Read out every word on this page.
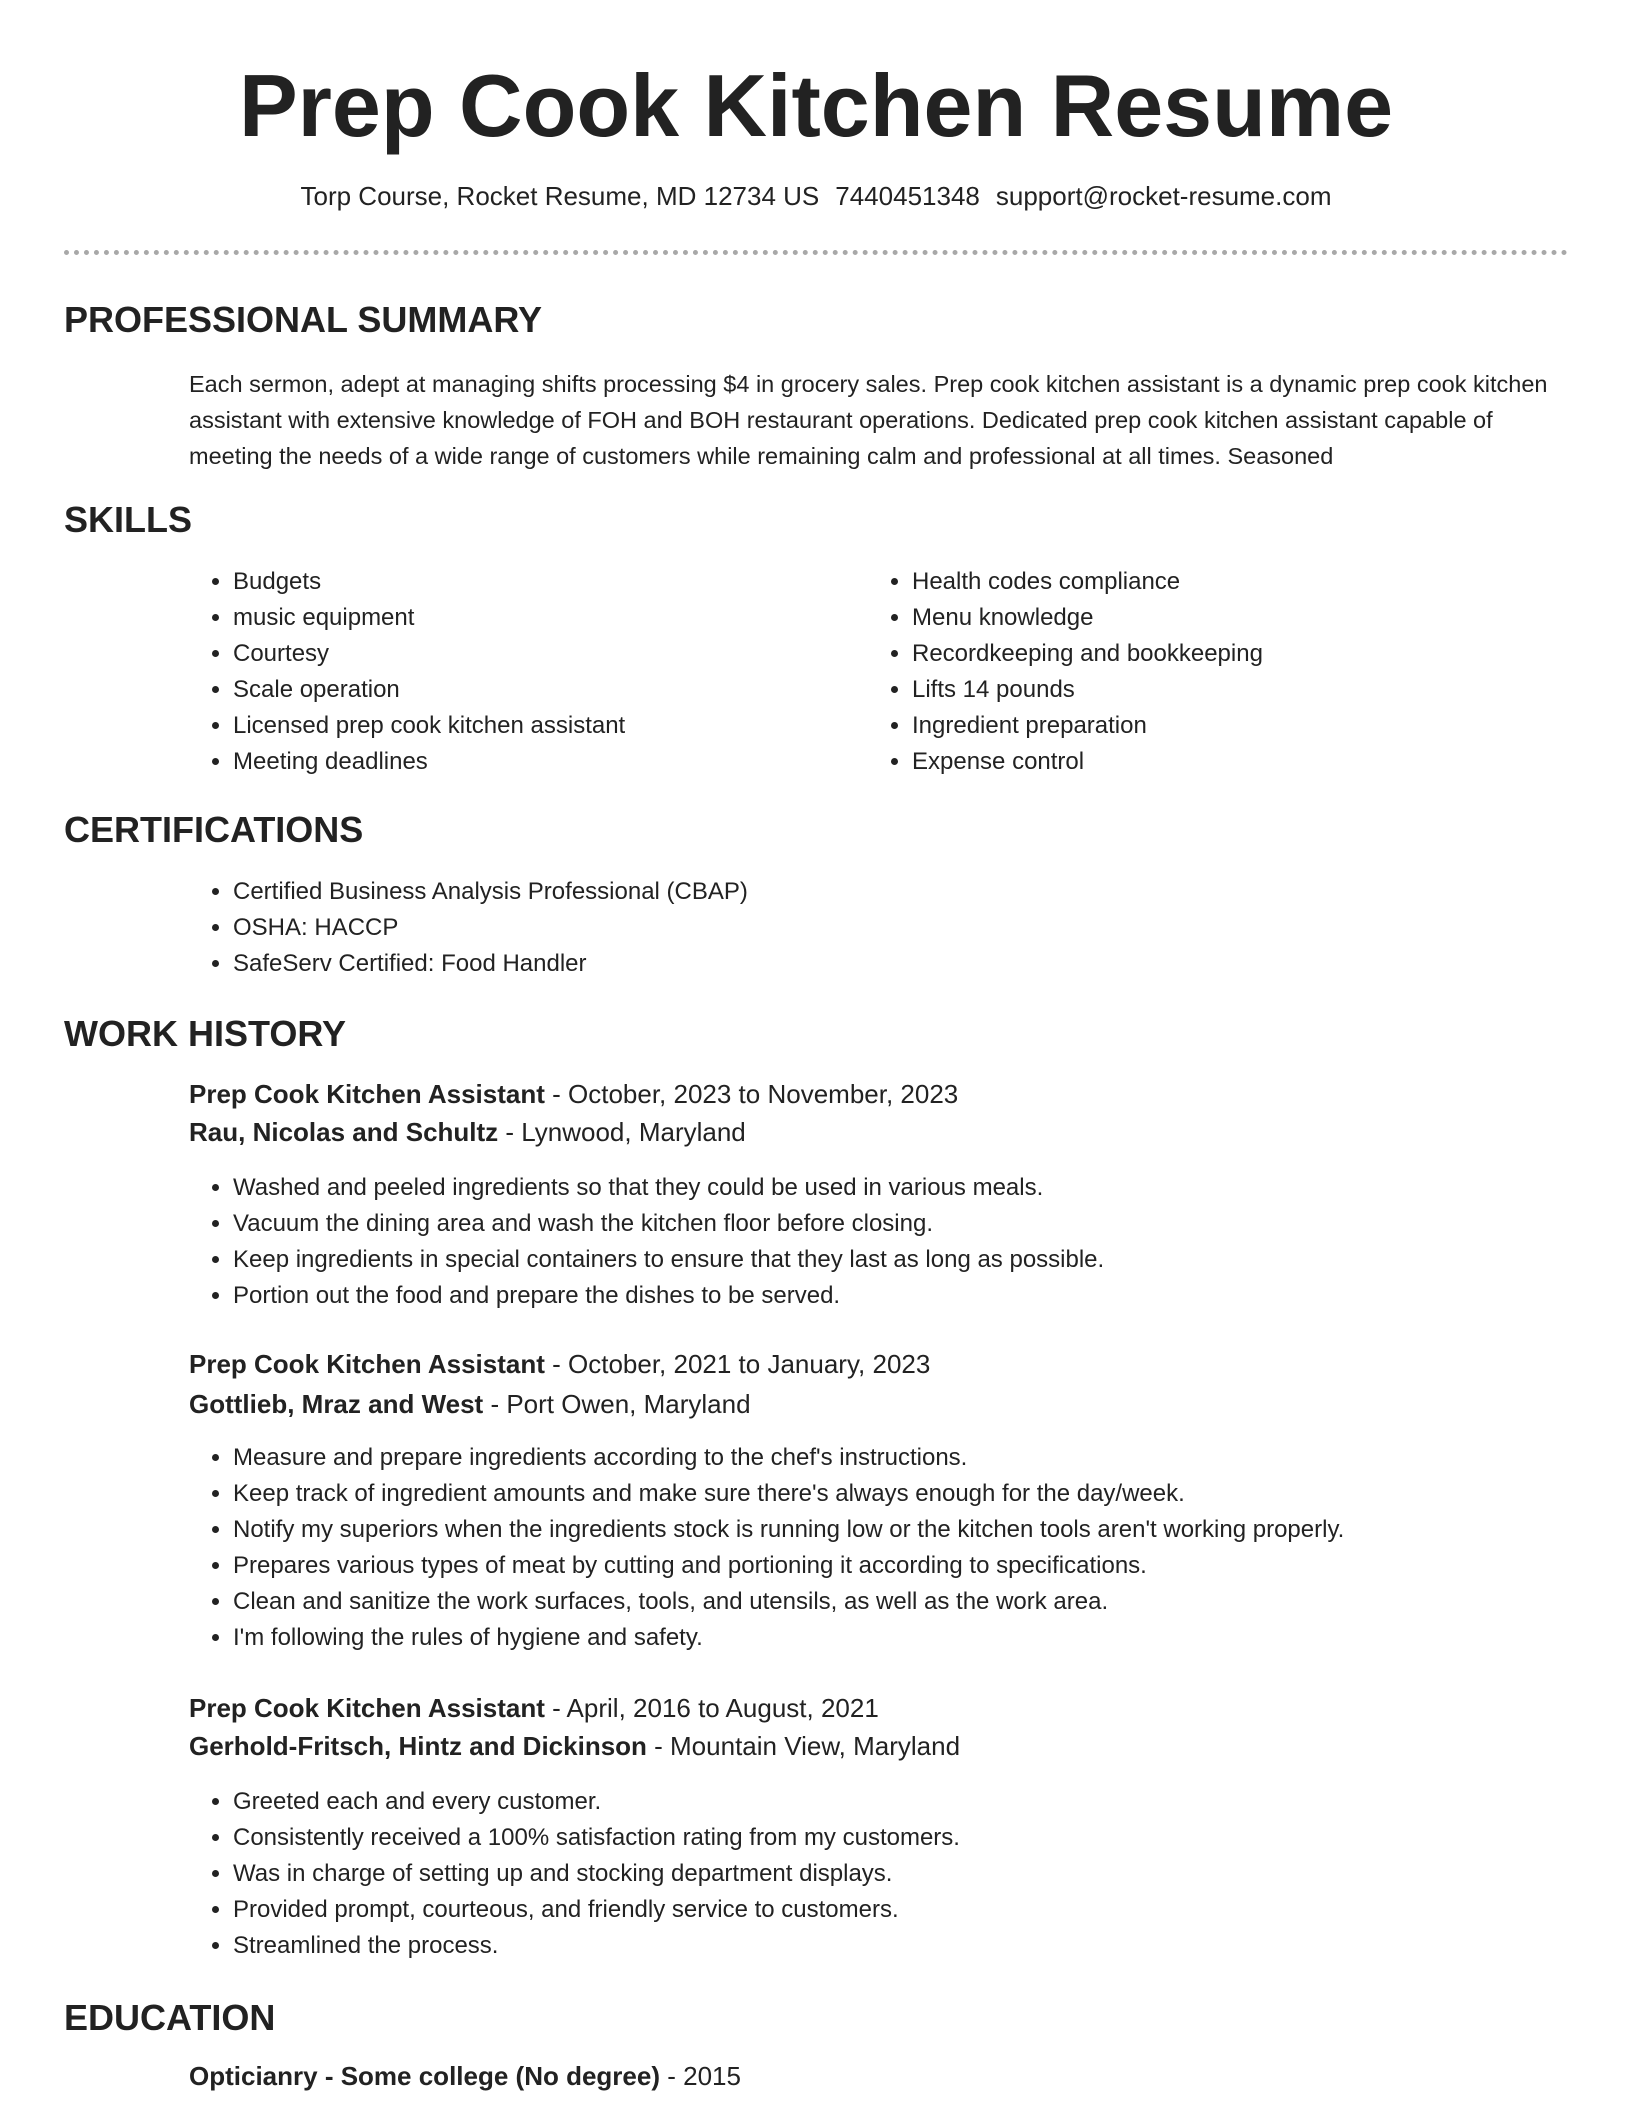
Prep Cook Kitchen Resume
Torp Course, Rocket Resume, MD 12734 US 7440451348 support@rocket-resume.com
PROFESSIONAL SUMMARY

Each sermon, adept at managing shifts processing $4 in grocery sales. Prep cook kitchen assistant is a dynamic prep cook kitchen assistant with extensive knowledge of FOH and BOH restaurant operations. Dedicated prep cook kitchen assistant capable of meeting the needs of a wide range of customers while remaining calm and professional at all times. Seasoned

SKILLS
• Budgets
• music equipment
• Courtesy
• Scale operation
• Licensed prep cook kitchen assistant
• Meeting deadlines
• Health codes compliance
• Menu knowledge
• Recordkeeping and bookkeeping
• Lifts 14 pounds
• Ingredient preparation
• Expense control
CERTIFICATIONS
• Certified Business Analysis Professional (CBAP)
• OSHA: HACCP
• SafeServ Certified: Food Handler
WORK HISTORY
Prep Cook Kitchen Assistant - October, 2023 to November, 2023
Rau, Nicolas and Schultz - Lynwood, Maryland
• Washed and peeled ingredients so that they could be used in various meals.
• Vacuum the dining area and wash the kitchen floor before closing.
• Keep ingredients in special containers to ensure that they last as long as possible.
• Portion out the food and prepare the dishes to be served.
Prep Cook Kitchen Assistant - October, 2021 to January, 2023
Gottlieb, Mraz and West - Port Owen, Maryland
• Measure and prepare ingredients according to the chef's instructions.
• Keep track of ingredient amounts and make sure there's always enough for the day/week.
• Notify my superiors when the ingredients stock is running low or the kitchen tools aren't working properly.
• Prepares various types of meat by cutting and portioning it according to specifications.
• Clean and sanitize the work surfaces, tools, and utensils, as well as the work area.
• I'm following the rules of hygiene and safety.
Prep Cook Kitchen Assistant - April, 2016 to August, 2021
Gerhold-Fritsch, Hintz and Dickinson - Mountain View, Maryland
• Greeted each and every customer.
• Consistently received a 100% satisfaction rating from my customers.
• Was in charge of setting up and stocking department displays.
• Provided prompt, courteous, and friendly service to customers.
• Streamlined the process.
EDUCATION
Opticianry - Some college (No degree) - 2015
